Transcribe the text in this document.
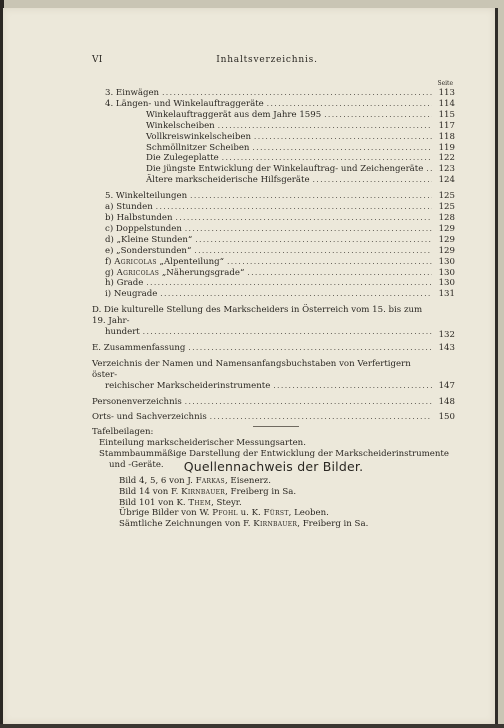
VI	Inhaltsverzeichnis.
Seite
3. Einwägen .....	113
4. Längen- und Winkelauftraggeräte .....	114
Winkelauftraggerät aus dem Jahre 1595 .....	115
Winkelscheiben .....	117
Vollkreiswinkelscheiben .....	118
Schmöllnitzer Scheiben .....	119
Die Zulegeplatte .....	122
Die jüngste Entwicklung der Winkelauftrag- und Zeichengeräte .....	123
Ältere markscheiderische Hilfsgeräte .....	124
5. Winkelteilungen .....	125
a) Stunden .....	125
b) Halbstunden .....	128
c) Doppelstunden .....	129
d) „Kleine Stunden“ .....	129
e) „Sonderstunden“ .....	129
f) Agricolas „Alpenteilung“ .....	130
g) Agricolas „Näherungsgrade“ .....	130
h) Grade .....	130
i) Neugrade .....	131
D. Die kulturelle Stellung des Markscheiders in Österreich vom 15. bis zum 19. Jahr-
hundert .....	132
E. Zusammenfassung .....	143
Verzeichnis der Namen und Namensanfangsbuchstaben von Verfertigern öster-
reichischer Markscheiderinstrumente .....	147
Personenverzeichnis .....	148
Orts- und Sachverzeichnis .....	150
Tafelbeilagen:
Einteilung markscheiderischer Messungsarten.
Stammbaummäßige Darstellung der Entwicklung der Markscheiderinstrumente
und -Geräte.	Quellennachweis der Bilder.
Bild 4, 5, 6 von J. Farkas, Eisenerz.
Bild 14 von F. Kirnbauer, Freiberg in Sa.
Bild 101 von K. Them, Steyr.
Übrige Bilder von W. Pfohl u. K. Fürst, Leoben.
Sämtliche Zeichnungen von F. Kirnbauer, Freiberg in Sa.
